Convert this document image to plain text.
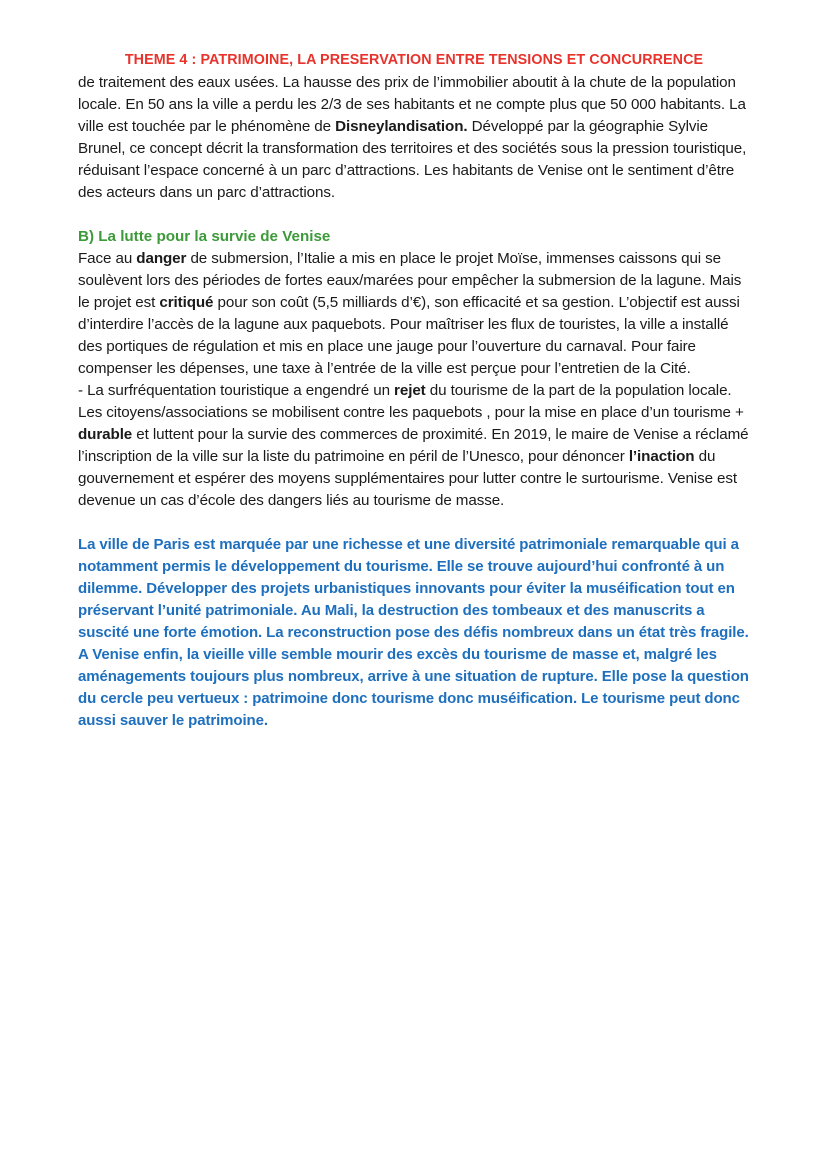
THEME 4 : PATRIMOINE, LA PRESERVATION ENTRE TENSIONS ET CONCURRENCE

de traitement des eaux usées. La hausse des prix de l’immobilier aboutit à la chute de la population locale. En 50 ans la ville a perdu les 2/3 de ses habitants et ne compte plus que 50 000 habitants. La ville est touchée par le phénomène de Disneylandisation. Développé par la géographie Sylvie Brunel, ce concept décrit la transformation des territoires et des sociétés sous la pression touristique, réduisant l’espace concerné à un parc d’attractions. Les habitants de Venise ont le sentiment d’être des acteurs dans un parc d’attractions.

B) La lutte pour la survie de Venise

Face au danger de submersion, l’Italie a mis en place le projet Moïse, immenses caissons qui se soulèvent lors des périodes de fortes eaux/marées pour empêcher la submersion de la lagune. Mais le projet est critiqué pour son coût (5,5 milliards d’€), son efficacité et sa gestion. L’objectif est aussi d’interdire l’accès de la lagune aux paquebots. Pour maîtriser les flux de touristes, la ville a installé des portiques de régulation et mis en place une jauge pour l’ouverture du carnaval. Pour faire compenser les dépenses, une taxe à l’entrée de la ville est perçue pour l’entretien de la Cité.

- La surfréquentation touristique a engendré un rejet du tourisme de la part de la population locale. Les citoyens/associations se mobilisent contre les paquebots , pour la mise en place d’un tourisme + durable et luttent pour la survie des commerces de proximité. En 2019, le maire de Venise a réclamé l’inscription de la ville sur la liste du patrimoine en péril de l’Unesco, pour dénoncer l’inaction du gouvernement et espérer des moyens supplémentaires pour lutter contre le surtourisme. Venise est devenue un cas d’école des dangers liés au tourisme de masse.

La ville de Paris est marquée par une richesse et une diversité patrimoniale remarquable qui a notamment permis le développement du tourisme. Elle se trouve aujourd’hui confronté à un dilemme. Développer des projets urbanistiques innovants pour éviter la muséification tout en préservant l’unité patrimoniale. Au Mali, la destruction des tombeaux et des manuscrits a suscité une forte émotion. La reconstruction pose des défis nombreux dans un état très fragile. A Venise enfin, la vieille ville semble mourir des excès du tourisme de masse et, malgré les aménagements toujours plus nombreux, arrive à une situation de rupture. Elle pose la question du cercle peu vertueux : patrimoine donc tourisme donc muséification. Le tourisme peut donc aussi sauver le patrimoine.
